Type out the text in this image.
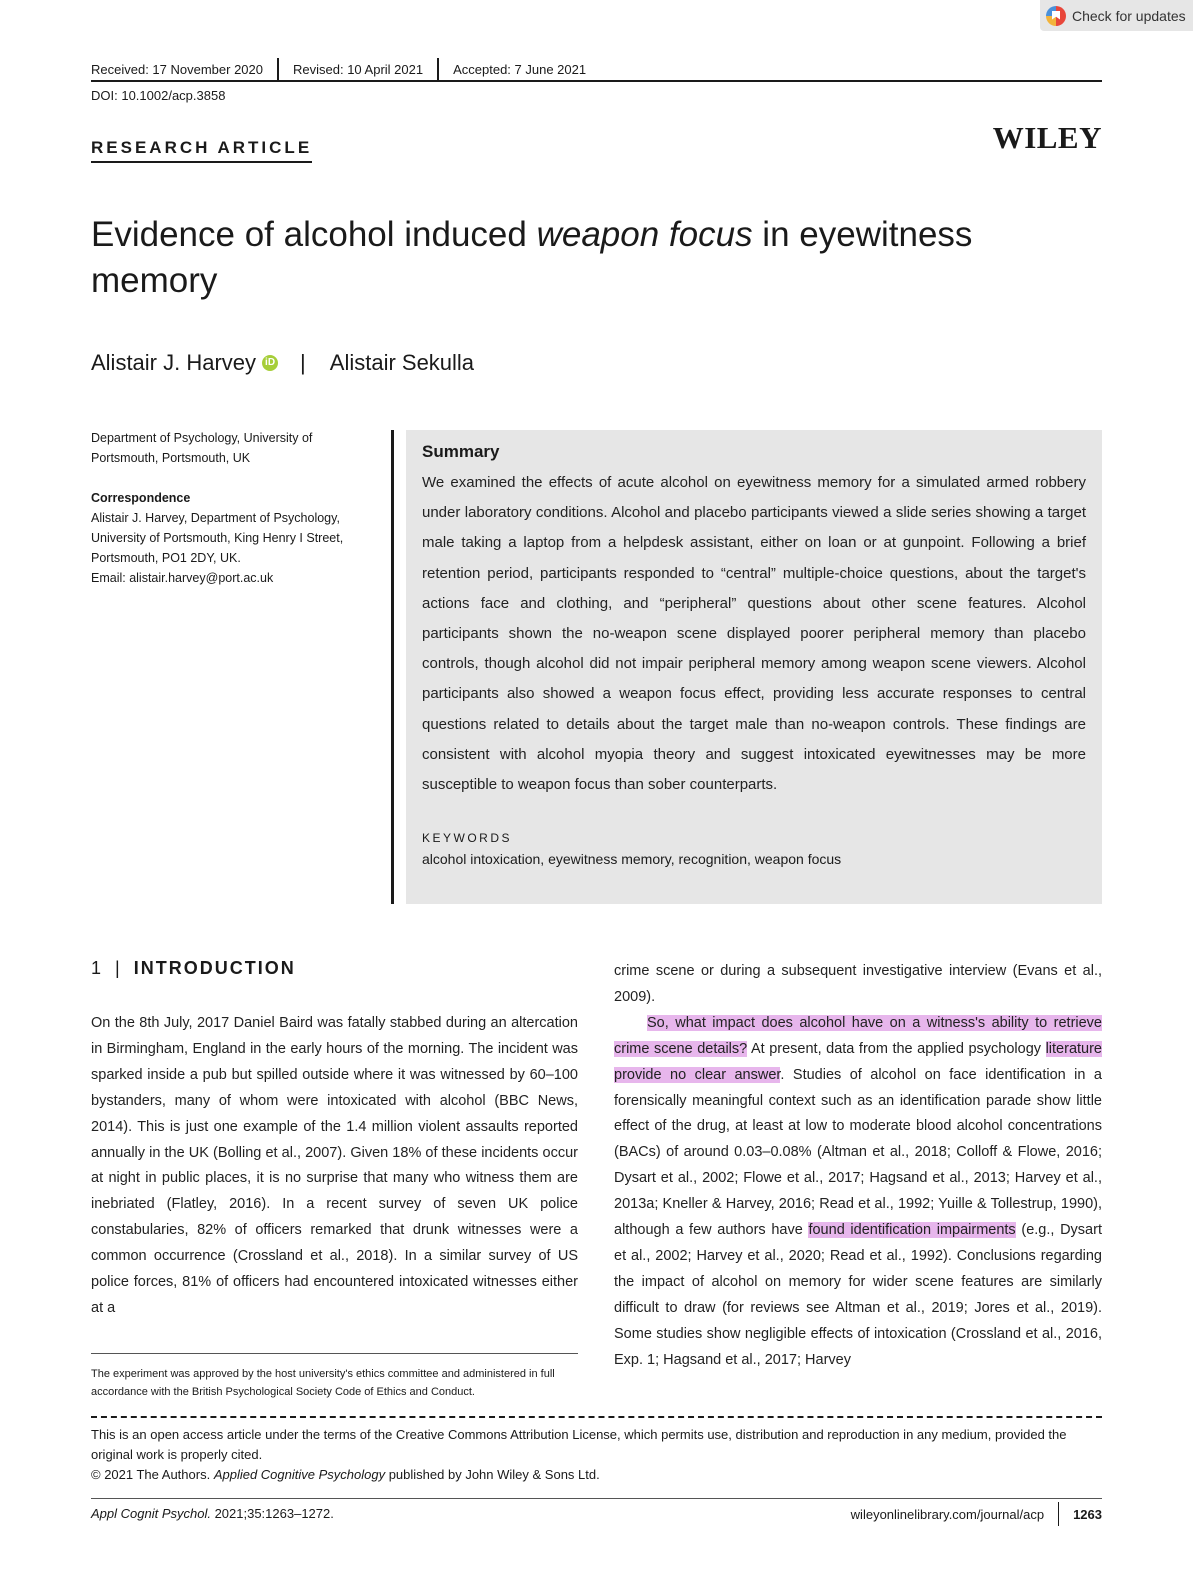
Check for updates
Received: 17 November 2020	Revised: 10 April 2021	Accepted: 7 June 2021
DOI: 10.1002/acp.3858
RESEARCH ARTICLE	WILEY
Evidence of alcohol induced weapon focus in eyewitness memory
Alistair J. Harvey iD | Alistair Sekulla

Department of Psychology, University of Portsmouth, Portsmouth, UK

Correspondence

Alistair J. Harvey, Department of Psychology, University of Portsmouth, King Henry I Street, Portsmouth, PO1 2DY, UK.

Email: alistair.harvey@port.ac.uk

Summary

We examined the effects of acute alcohol on eyewitness memory for a simulated armed robbery under laboratory conditions. Alcohol and placebo participants viewed a slide series showing a target male taking a laptop from a helpdesk assistant, either on loan or at gunpoint. Following a brief retention period, participants responded to “central” multiple-choice questions, about the target's actions face and clothing, and “peripheral” questions about other scene features. Alcohol participants shown the no-weapon scene displayed poorer peripheral memory than placebo controls, though alcohol did not impair peripheral memory among weapon scene viewers. Alcohol participants also showed a weapon focus effect, providing less accurate responses to central questions related to details about the target male than no-weapon controls. These findings are consistent with alcohol myopia theory and suggest intoxicated eyewitnesses may be more susceptible to weapon focus than sober counterparts.

KEYWORDS
alcohol intoxication, eyewitness memory, recognition, weapon focus
1 | INTRODUCTION

On the 8th July, 2017 Daniel Baird was fatally stabbed during an altercation in Birmingham, England in the early hours of the morning. The incident was sparked inside a pub but spilled outside where it was witnessed by 60–100 bystanders, many of whom were intoxicated with alcohol (BBC News, 2014). This is just one example of the 1.4 million violent assaults reported annually in the UK (Bolling et al., 2007). Given 18% of these incidents occur at night in public places, it is no surprise that many who witness them are inebriated (Flatley, 2016). In a recent survey of seven UK police constabularies, 82% of officers remarked that drunk witnesses were a common occurrence (Crossland et al., 2018). In a similar survey of US police forces, 81% of officers had encountered intoxicated witnesses either at a

crime scene or during a subsequent investigative interview (Evans et al., 2009).

So, what impact does alcohol have on a witness's ability to retrieve crime scene details? At present, data from the applied psychology literature provide no clear answer. Studies of alcohol on face identification in a forensically meaningful context such as an identification parade show little effect of the drug, at least at low to moderate blood alcohol concentrations (BACs) of around 0.03–0.08% (Altman et al., 2018; Colloff & Flowe, 2016; Dysart et al., 2002; Flowe et al., 2017; Hagsand et al., 2013; Harvey et al., 2013a; Kneller & Harvey, 2016; Read et al., 1992; Yuille & Tollestrup, 1990), although a few authors have found identification impairments (e.g., Dysart et al., 2002; Harvey et al., 2020; Read et al., 1992). Conclusions regarding the impact of alcohol on memory for wider scene features are similarly difficult to draw (for reviews see Altman et al., 2019; Jores et al., 2019). Some studies show negligible effects of intoxication (Crossland et al., 2016, Exp. 1; Hagsand et al., 2017; Harvey

The experiment was approved by the host university's ethics committee and administered in full accordance with the British Psychological Society Code of Ethics and Conduct.

This is an open access article under the terms of the Creative Commons Attribution License, which permits use, distribution and reproduction in any medium, provided the original work is properly cited.

© 2021 The Authors. Applied Cognitive Psychology published by John Wiley & Sons Ltd.

Appl Cognit Psychol. 2021;35:1263–1272.	wileyonlinelibrary.com/journal/acp 1263
